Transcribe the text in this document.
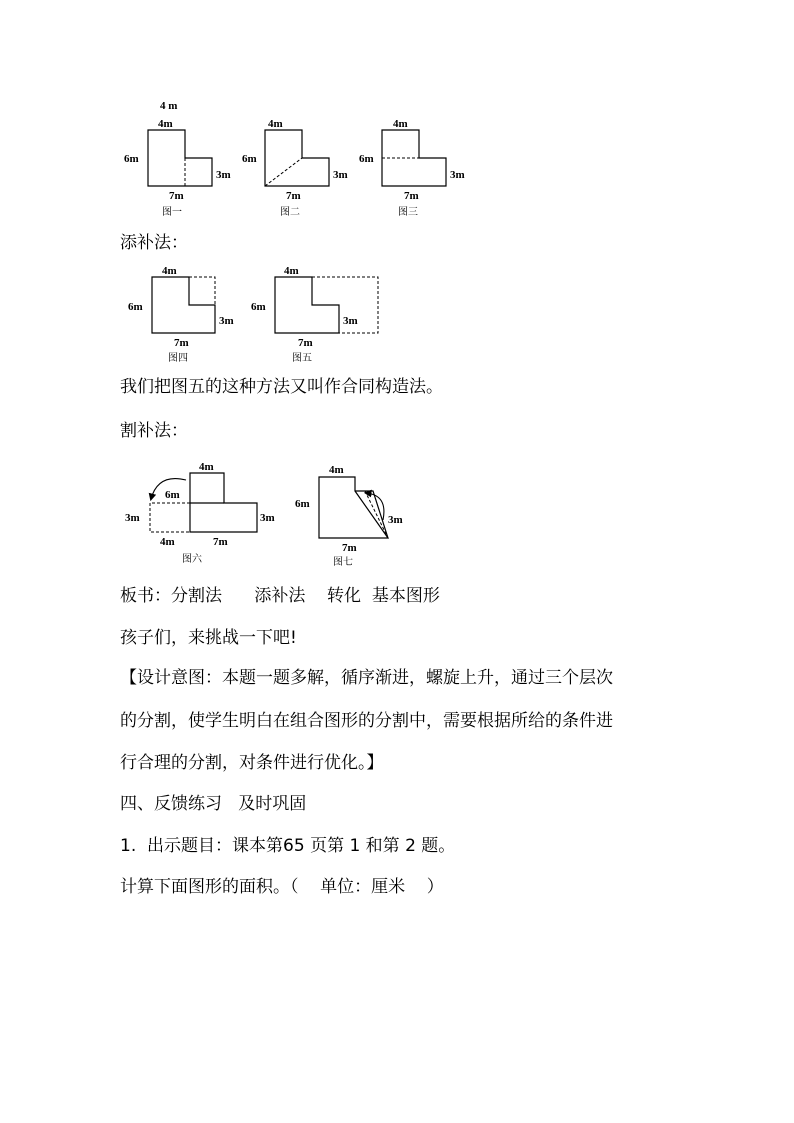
4 m
4m
6m
3m
7m
图一
4m
6m
3m
7m
图二
4m
6m
3m
7m
图三
添补法：
4m
6m
3m
7m
图四
4m
6m
3m
7m
图五
我们把图五的这种方法又叫作合同构造法。
割补法：
4m
6m
3m	3m
4m	7m
图六
4m
6m
3m
7m
图七
板书：分割法      添补法    转化  基本图形
孩子们，来挑战一下吧!
【设计意图：本题一题多解，循序渐进，螺旋上升，通过三个层次
的分割，使学生明白在组合图形的分割中，需要根据所给的条件进
行合理的分割，对条件进行优化。】
四、反馈练习   及时巩固
1.  出示题目：课本第65 页第 1 和第 2 题。
计算下面图形的面积。（    单位：厘米    ）
